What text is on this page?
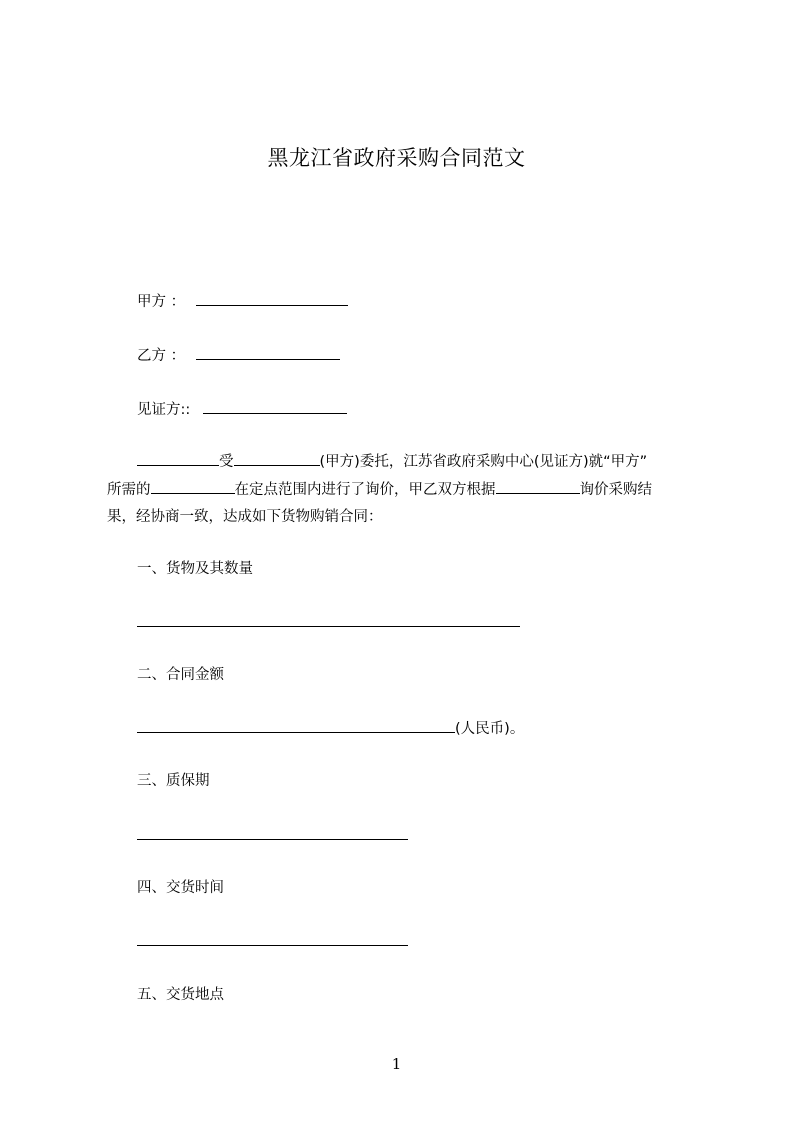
黑龙江省政府采购合同范文
甲方 ：
乙方 ：
见证方::
受	(甲方)委托，江苏省政府采购中心(见证方)就“甲方”
所需的	在定点范围内进行了询价，甲乙双方根据	询价采购结
果，经协商一致，达成如下货物购销合同：
一、货物及其数量
二、合同金额
(人民币)。
三、质保期
四、交货时间
五、交货地点
1
